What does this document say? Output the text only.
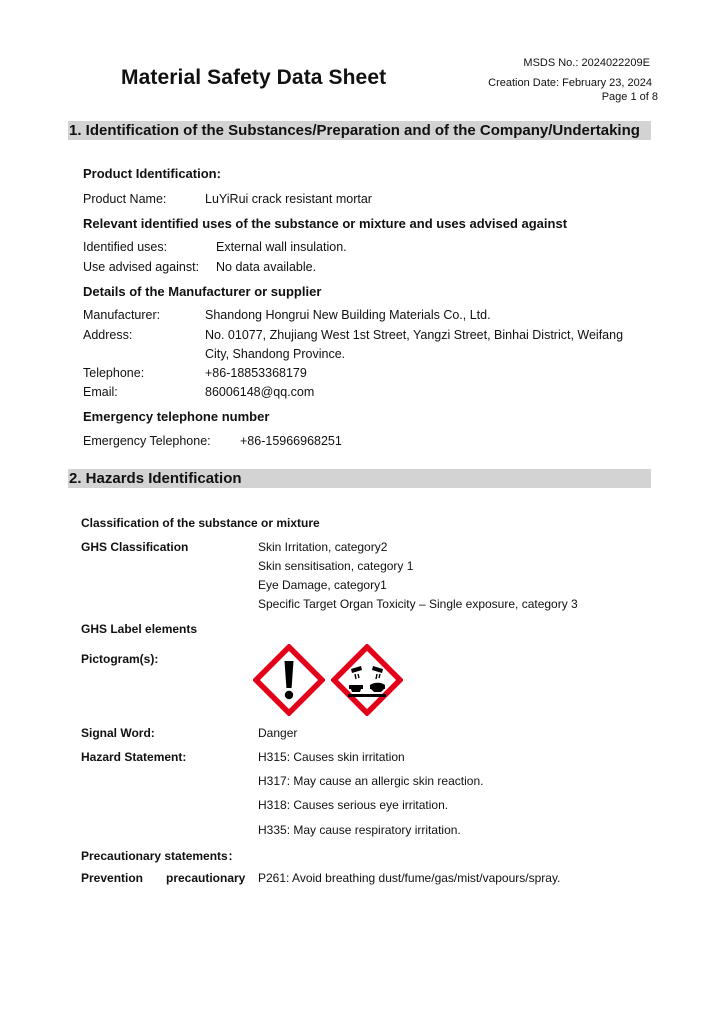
Material Safety Data Sheet
MSDS No.: 2024022209E
Creation Date: February 23, 2024
Page 1 of 8
1. Identification of the Substances/Preparation and of the Company/Undertaking
Product Identification:
Product Name:	LuYiRui crack resistant mortar
Relevant identified uses of the substance or mixture and uses advised against
Identified uses:	External wall insulation.
Use advised against: No data available.
Details of the Manufacturer or supplier
Manufacturer:	Shandong Hongrui New Building Materials Co., Ltd.
Address:	No. 01077, Zhujiang West 1st Street, Yangzi Street, Binhai District, Weifang
City, Shandong Province.
Telephone:	+86-18853368179
Email:	86006148@qq.com
Emergency telephone number
Emergency Telephone: +86-15966968251
2. Hazards Identification
Classification of the substance or mixture
GHS Classification	Skin Irritation, category2
Skin sensitisation, category 1
Eye Damage, category1
Specific Target Organ Toxicity – Single exposure, category 3
GHS Label elements
Pictogram(s):
Signal Word:	Danger
Hazard Statement:	H315: Causes skin irritation
H317: May cause an allergic skin reaction.
H318: Causes serious eye irritation.
H335: May cause respiratory irritation.
Precautionary statements：
Prevention precautionary P261: Avoid breathing dust/fume/gas/mist/vapours/spray.
